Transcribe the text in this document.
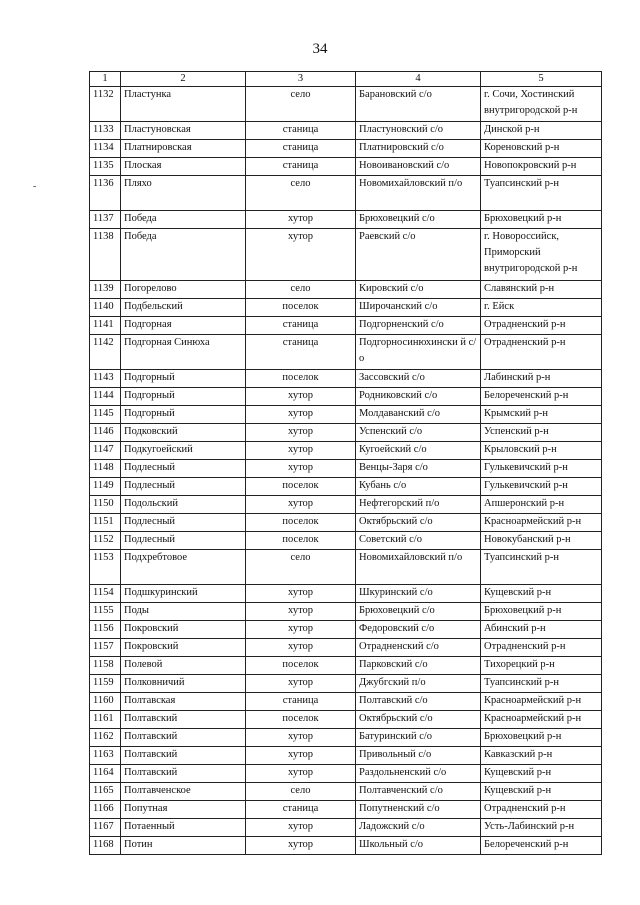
34
-
1	2	3	4	5
1132	Пластунка	село	Барановский с/о	г. Сочи, Хостинский внутригородской р-н
1133	Пластуновская	станица	Пластуновский с/о	Динской р-н
1134	Платнировская	станица	Платнировский с/о	Кореновский р-н
1135	Плоская	станица	Новоивановский с/о	Новопокровский р-н
1136	Пляхо	село	Новомихайловский п/о	Туапсинский р-н
1137	Победа	хутор	Брюховецкий с/о	Брюховецкий р-н
1138	Победа	хутор	Раевский с/о	г. Новороссийск, Приморский внутригородской р-н
1139	Погорелово	село	Кировский с/о	Славянский р-н
1140	Подбельский	поселок	Широчанский с/о	г. Ейск
1141	Подгорная	станица	Подгорненский с/о	Отрадненский р-н
1142	Подгорная Синюха	станица	Подгорносинюхински й с/о	Отрадненский р-н
1143	Подгорный	поселок	Зассовский с/о	Лабинский р-н
1144	Подгорный	хутор	Родниковский с/о	Белореченский р-н
1145	Подгорный	хутор	Молдаванский с/о	Крымский р-н
1146	Подковский	хутор	Успенский с/о	Успенский р-н
1147	Подкугоейский	хутор	Кугоейский с/о	Крыловский р-н
1148	Подлесный	хутор	Венцы-Заря с/о	Гулькевичский р-н
1149	Подлесный	поселок	Кубань с/о	Гулькевичский р-н
1150	Подольский	хутор	Нефтегорский п/о	Апшеронский р-н
1151	Подлесный	поселок	Октябрьский с/о	Красноармейский р-н
1152	Подлесный	поселок	Советский с/о	Новокубанский р-н
1153	Подхребтовое	село	Новомихайловский п/о	Туапсинский р-н
1154	Подшкуринский	хутор	Шкуринский с/о	Кущевский р-н
1155	Поды	хутор	Брюховецкий с/о	Брюховецкий р-н
1156	Покровский	хутор	Федоровский с/о	Абинский р-н
1157	Покровский	хутор	Отрадненский с/о	Отрадненский р-н
1158	Полевой	поселок	Парковский с/о	Тихорецкий р-н
1159	Полковничий	хутор	Джубгский п/о	Туапсинский р-н
1160	Полтавская	станица	Полтавский с/о	Красноармейский р-н
1161	Полтавский	поселок	Октябрьский с/о	Красноармейский р-н
1162	Полтавский	хутор	Батуринский с/о	Брюховецкий р-н
1163	Полтавский	хутор	Привольный с/о	Кавказский р-н
1164	Полтавский	хутор	Раздольненский с/о	Кущевский р-н
1165	Полтавченское	село	Полтавченский с/о	Кущевский р-н
1166	Попутная	станица	Попутненский с/о	Отрадненский р-н
1167	Потаенный	хутор	Ладожский с/о	Усть-Лабинский р-н
1168	Потин	хутор	Школьный с/о	Белореченский р-н
